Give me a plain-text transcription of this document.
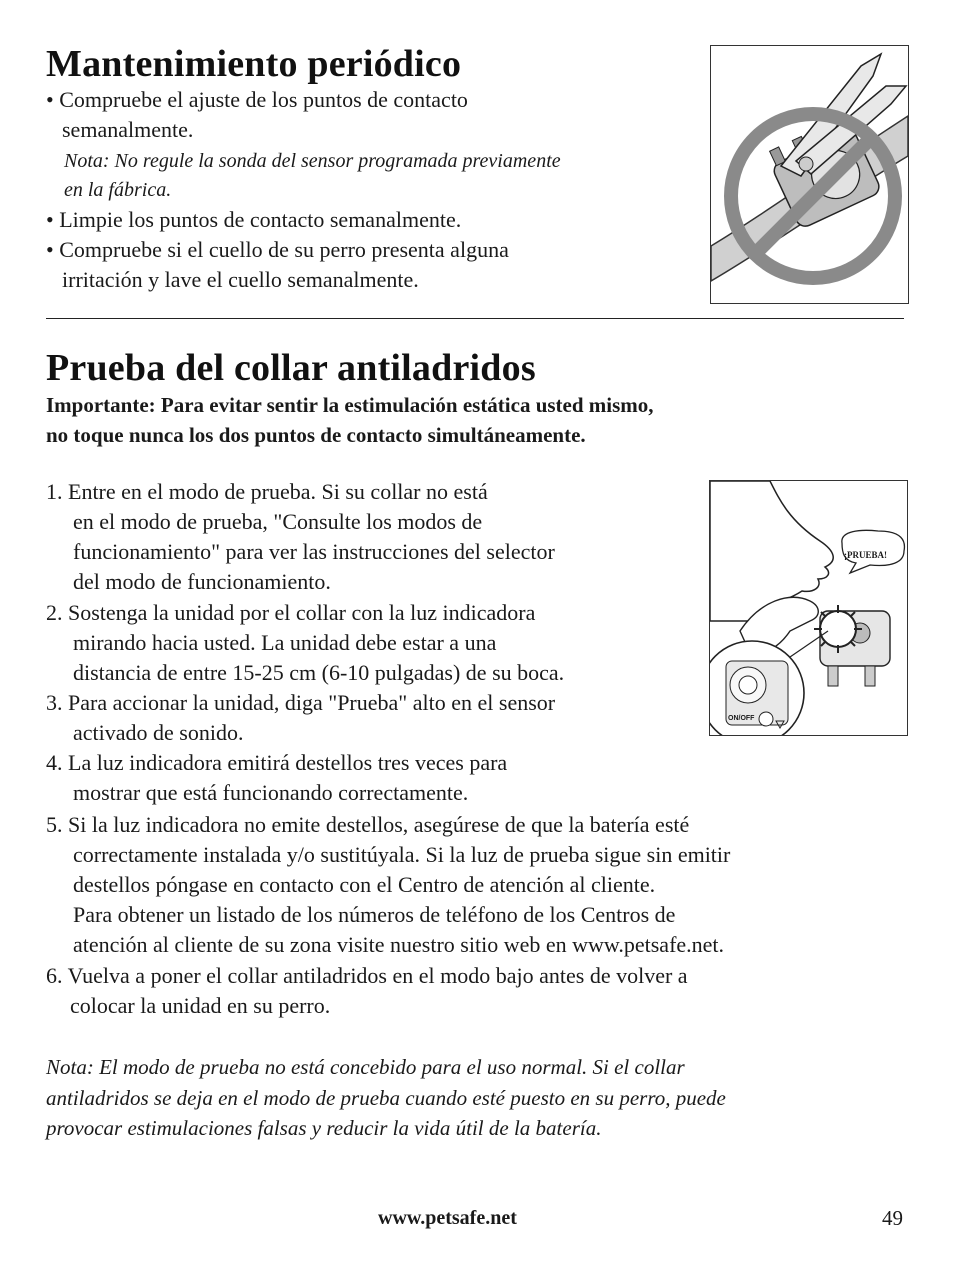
Mantenimiento periódico

• Compruebe el ajuste de los puntos de contacto

semanalmente.

Nota: No regule la sonda del sensor programada previamente

en la fábrica.

• Limpie los puntos de contacto semanalmente.

• Compruebe si el cuello de su perro presenta alguna

irritación y lave el cuello semanalmente.

Prueba del collar antiladridos

Importante: Para evitar sentir la estimulación estática usted mismo,

no toque nunca los dos puntos de contacto simultáneamente.

1. Entre en el modo de prueba. Si su collar no está

en el modo de prueba, "Consulte los modos de

funcionamiento" para ver las instrucciones del selector

del modo de funcionamiento.

2. Sostenga la unidad por el collar con la luz indicadora

mirando hacia usted. La unidad debe estar a una

distancia de entre 15-25 cm (6-10 pulgadas) de su boca.

3. Para accionar la unidad, diga "Prueba" alto en el sensor

activado de sonido.

4. La luz indicadora emitirá destellos tres veces para

mostrar que está funcionando correctamente.

5. Si la luz indicadora no emite destellos, asegúrese de que la batería esté

correctamente instalada y/o sustitúyala. Si la luz de prueba sigue sin emitir

destellos póngase en contacto con el Centro de atención al cliente.

Para obtener un listado de los números de teléfono de los Centros de

atención al cliente de su zona visite nuestro sitio web en www.petsafe.net.

6. Vuelva a poner el collar antiladridos en el modo bajo antes de volver a

colocar la unidad en su perro.

¡PRUEBA!
ON/OFF

Nota: El modo de prueba no está concebido para el uso normal. Si el collar

antiladridos se deja en el modo de prueba cuando esté puesto en su perro, puede

provocar estimulaciones falsas y reducir la vida útil de la batería.

www.petsafe.net	49
